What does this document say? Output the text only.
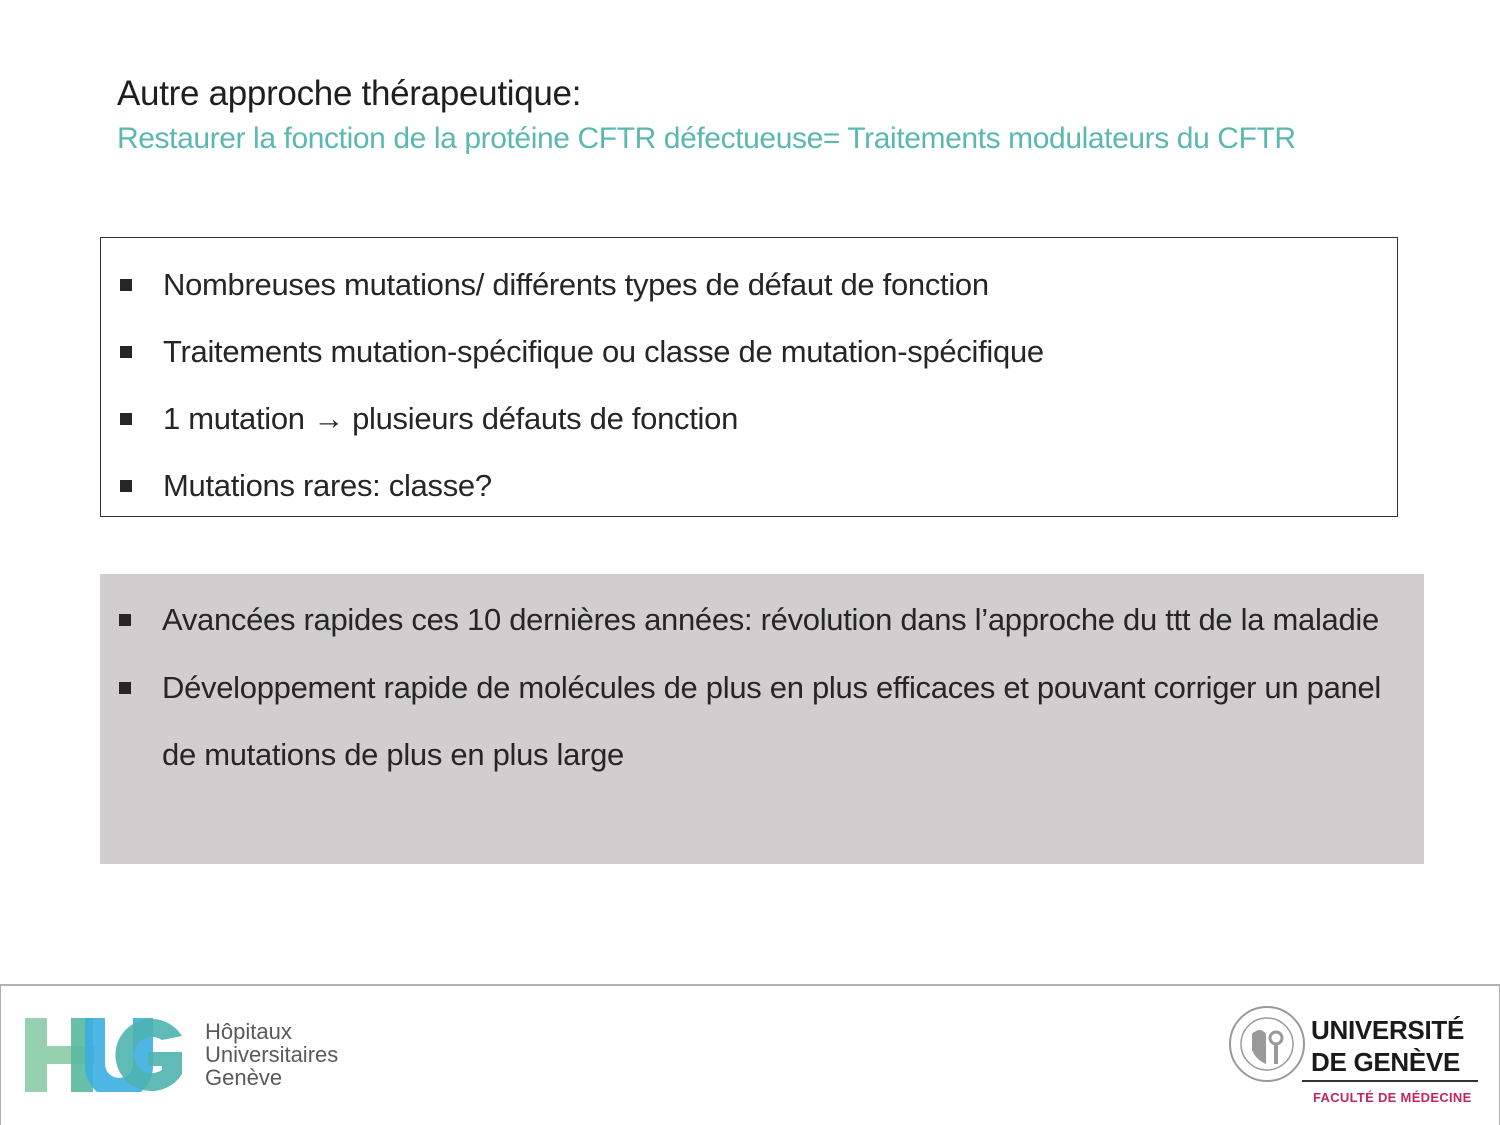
Autre approche thérapeutique:
Restaurer la fonction de la protéine CFTR défectueuse= Traitements modulateurs du CFTR
Nombreuses mutations/ différents types de défaut de fonction
Traitements mutation-spécifique ou classe de mutation-spécifique
1 mutation → plusieurs défauts de fonction
Mutations rares: classe?
Avancées rapides ces 10 dernières années: révolution dans l’approche du ttt de la maladie
Développement rapide de molécules de plus en plus efficaces et pouvant corriger un panel de mutations de plus en plus large
Hôpitaux
Universitaires
Genève
UNIVERSITÉ
DE GENÈVE
FACULTÉ DE MÉDECINE
